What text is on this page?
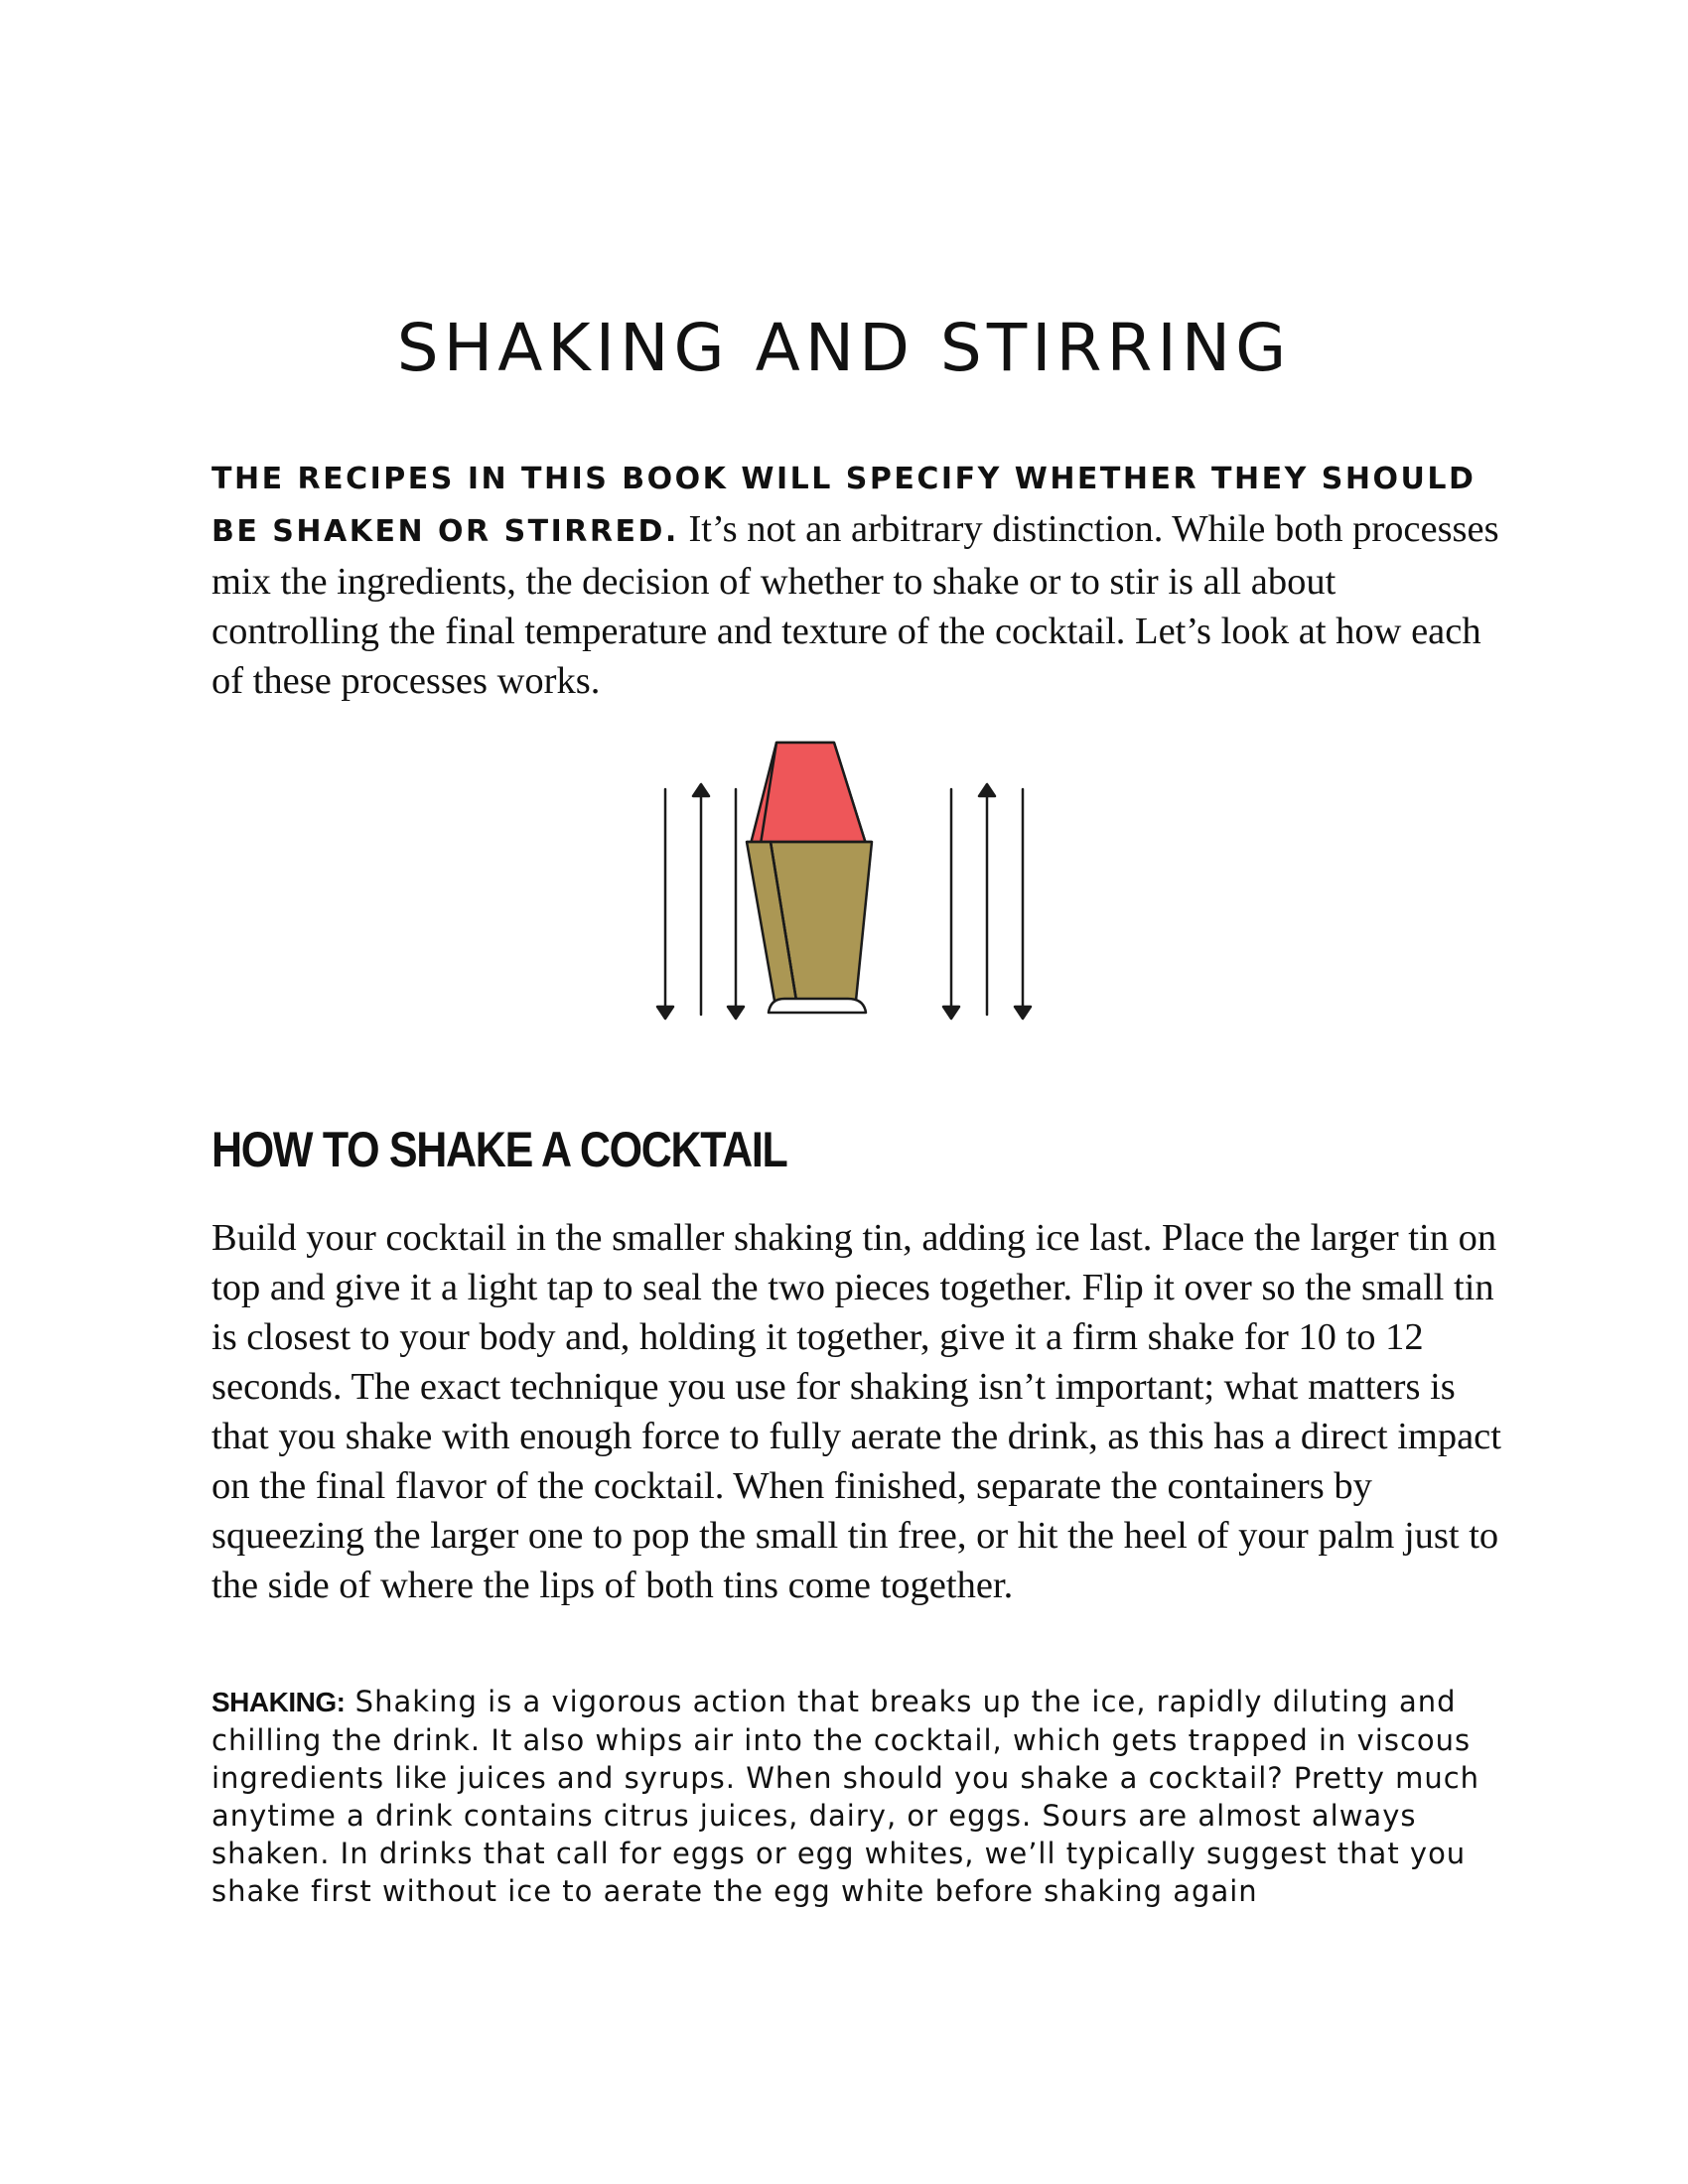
SHAKING AND STIRRING

THE RECIPES IN THIS BOOK WILL SPECIFY WHETHER THEY SHOULD BE SHAKEN OR STIRRED. It’s not an arbitrary distinction. While both processes mix the ingredients, the decision of whether to shake or to stir is all about controlling the final temperature and texture of the cocktail. Let’s look at how each of these processes works.

HOW TO SHAKE A COCKTAIL

Build your cocktail in the smaller shaking tin, adding ice last. Place the larger tin on top and give it a light tap to seal the two pieces together. Flip it over so the small tin is closest to your body and, holding it together, give it a firm shake for 10 to 12 seconds. The exact technique you use for shaking isn’t important; what matters is that you shake with enough force to fully aerate the drink, as this has a direct impact on the final flavor of the cocktail. When finished, separate the containers by squeezing the larger one to pop the small tin free, or hit the heel of your palm just to the side of where the lips of both tins come together.

SHAKING: Shaking is a vigorous action that breaks up the ice, rapidly diluting and chilling the drink. It also whips air into the cocktail, which gets trapped in viscous ingredients like juices and syrups. When should you shake a cocktail? Pretty much anytime a drink contains citrus juices, dairy, or eggs. Sours are almost always shaken. In drinks that call for eggs or egg whites, we’ll typically suggest that you shake first without ice to aerate the egg white before shaking again
